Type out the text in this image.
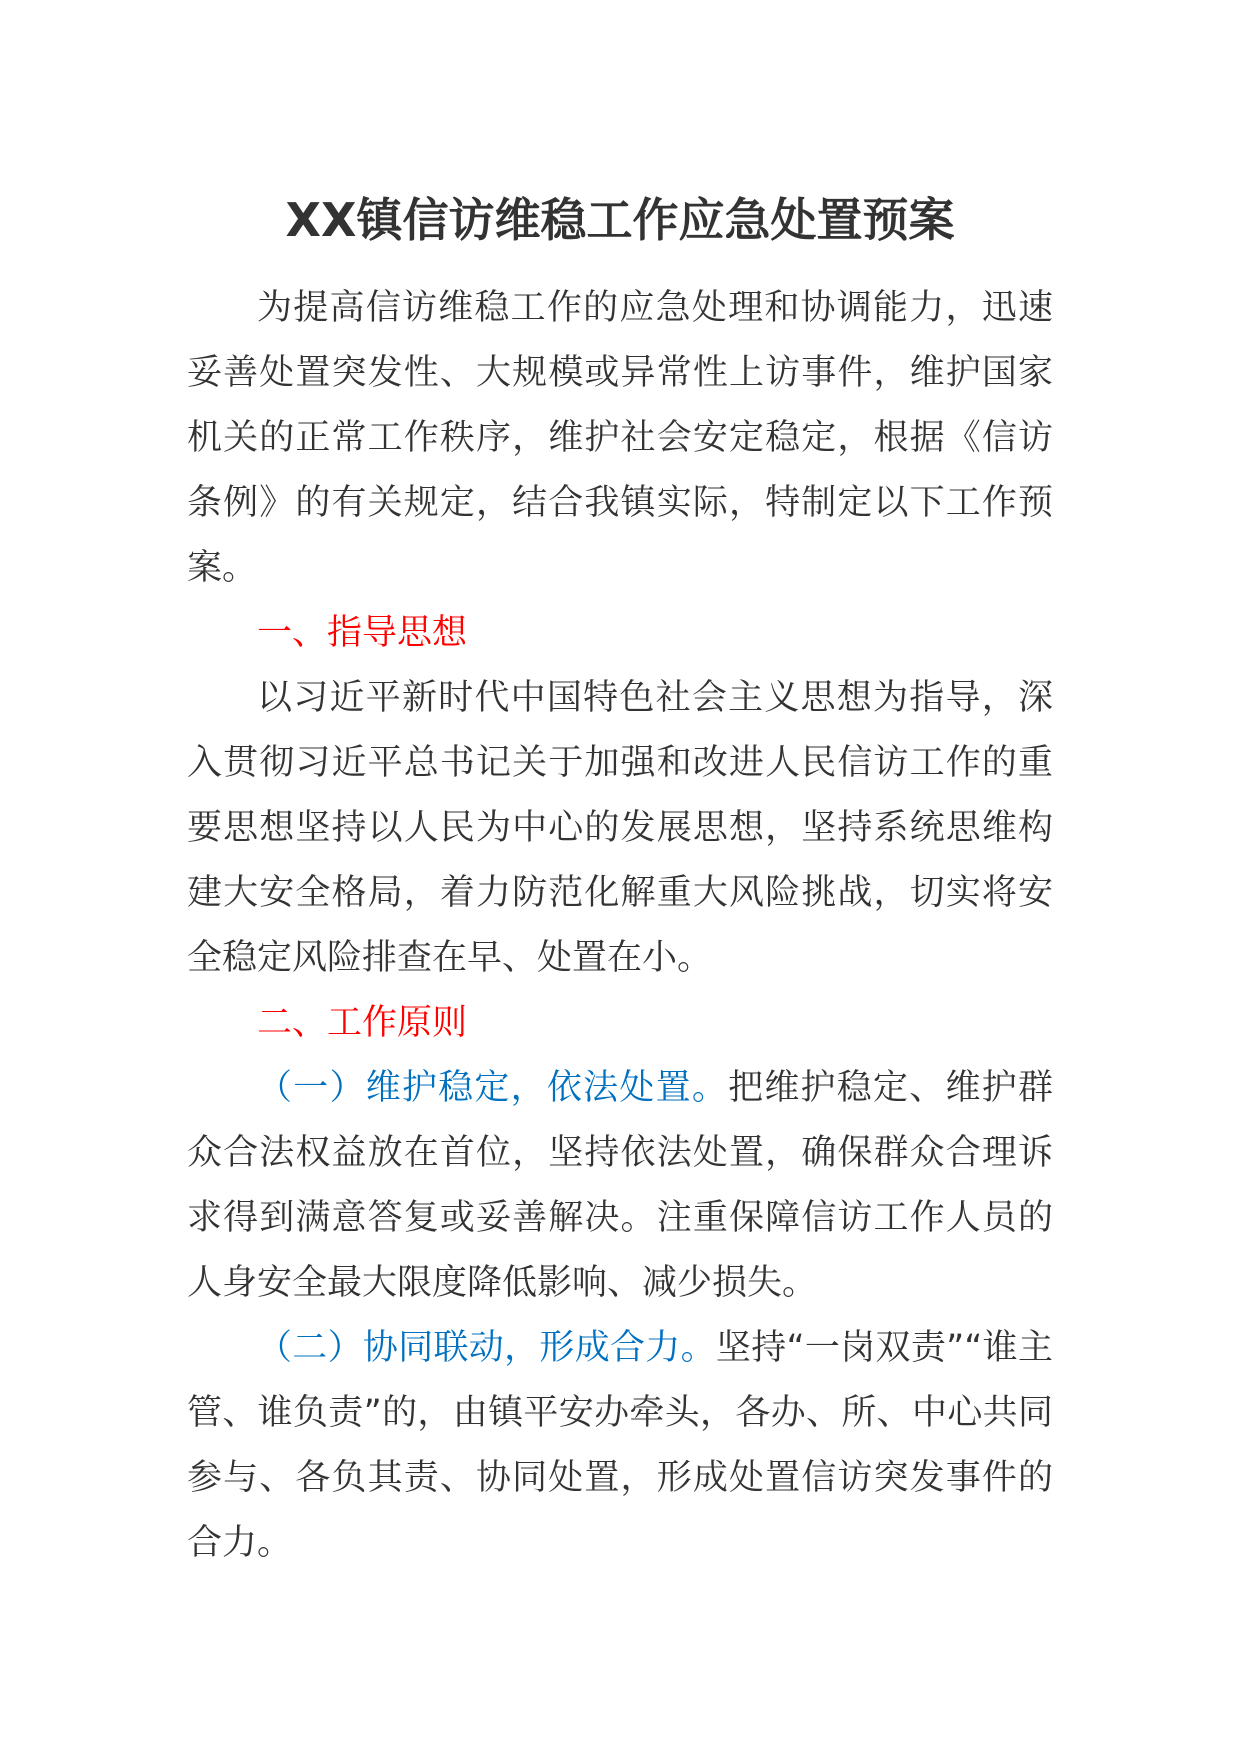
XX镇信访维稳工作应急处置预案

为提高信访维稳工作的应急处理和协调能力，迅速妥善处置突发性、大规模或异常性上访事件，维护国家机关的正常工作秩序，维护社会安定稳定，根据《信访条例》的有关规定，结合我镇实际，特制定以下工作预案。

一、指导思想

以习近平新时代中国特色社会主义思想为指导，深入贯彻习近平总书记关于加强和改进人民信访工作的重要思想坚持以人民为中心的发展思想，坚持系统思维构建大安全格局，着力防范化解重大风险挑战，切实将安全稳定风险排查在早、处置在小。

二、工作原则

（一）维护稳定，依法处置。把维护稳定、维护群众合法权益放在首位，坚持依法处置，确保群众合理诉求得到满意答复或妥善解决。注重保障信访工作人员的人身安全最大限度降低影响、减少损失。

（二）协同联动，形成合力。坚持“一岗双责”“谁主管、谁负责”的，由镇平安办牵头，各办、所、中心共同参与、各负其责、协同处置，形成处置信访突发事件的合力。
